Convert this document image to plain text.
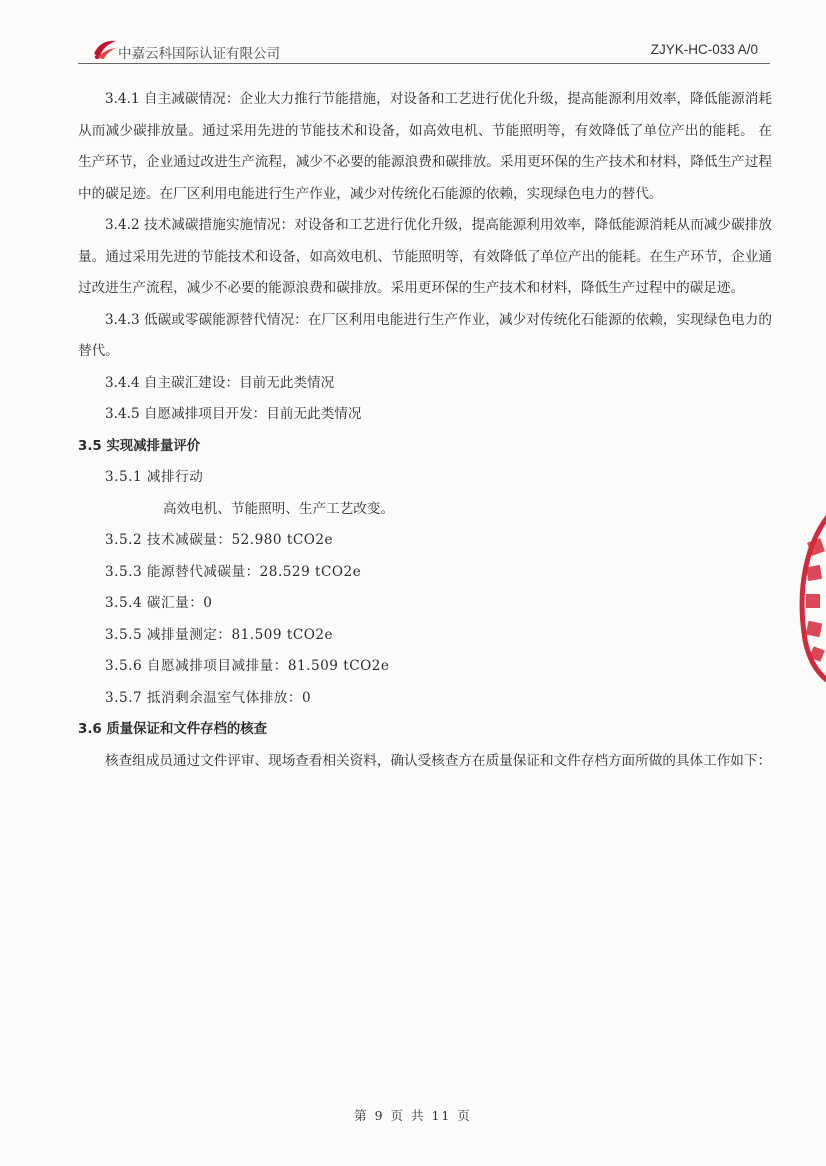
中嘉云科国际认证有限公司	ZJYK-HC-033 A/0

3.4.1 自主减碳情况：企业大力推行节能措施，对设备和工艺进行优化升级，提高能源利用效率，降低能源消耗从而减少碳排放量。通过采用先进的节能技术和设备，如高效电机、节能照明等，有效降低了单位产出的能耗。 在生产环节，企业通过改进生产流程，减少不必要的能源浪费和碳排放。采用更环保的生产技术和材料，降低生产过程中的碳足迹。在厂区利用电能进行生产作业，减少对传统化石能源的依赖，实现绿色电力的替代。

3.4.2 技术减碳措施实施情况：对设备和工艺进行优化升级，提高能源利用效率，降低能源消耗从而减少碳排放量。通过采用先进的节能技术和设备，如高效电机、节能照明等，有效降低了单位产出的能耗。在生产环节，企业通过改进生产流程，减少不必要的能源浪费和碳排放。采用更环保的生产技术和材料，降低生产过程中的碳足迹。

3.4.3 低碳或零碳能源替代情况：在厂区利用电能进行生产作业，减少对传统化石能源的依赖，实现绿色电力的替代。

3.4.4 自主碳汇建设：目前无此类情况

3.4.5 自愿减排项目开发：目前无此类情况

3.5 实现减排量评价

3.5.1 减排行动

高效电机、节能照明、生产工艺改变。

3.5.2 技术减碳量：52.980 tCO2e

3.5.3 能源替代减碳量：28.529 tCO2e

3.5.4 碳汇量：0

3.5.5 减排量测定：81.509 tCO2e

3.5.6 自愿减排项目减排量：81.509 tCO2e

3.5.7 抵消剩余温室气体排放：0

3.6 质量保证和文件存档的核查

核查组成员通过文件评审、现场查看相关资料，确认受核查方在质量保证和文件存档方面所做的具体工作如下：

第 9 页 共 11 页
